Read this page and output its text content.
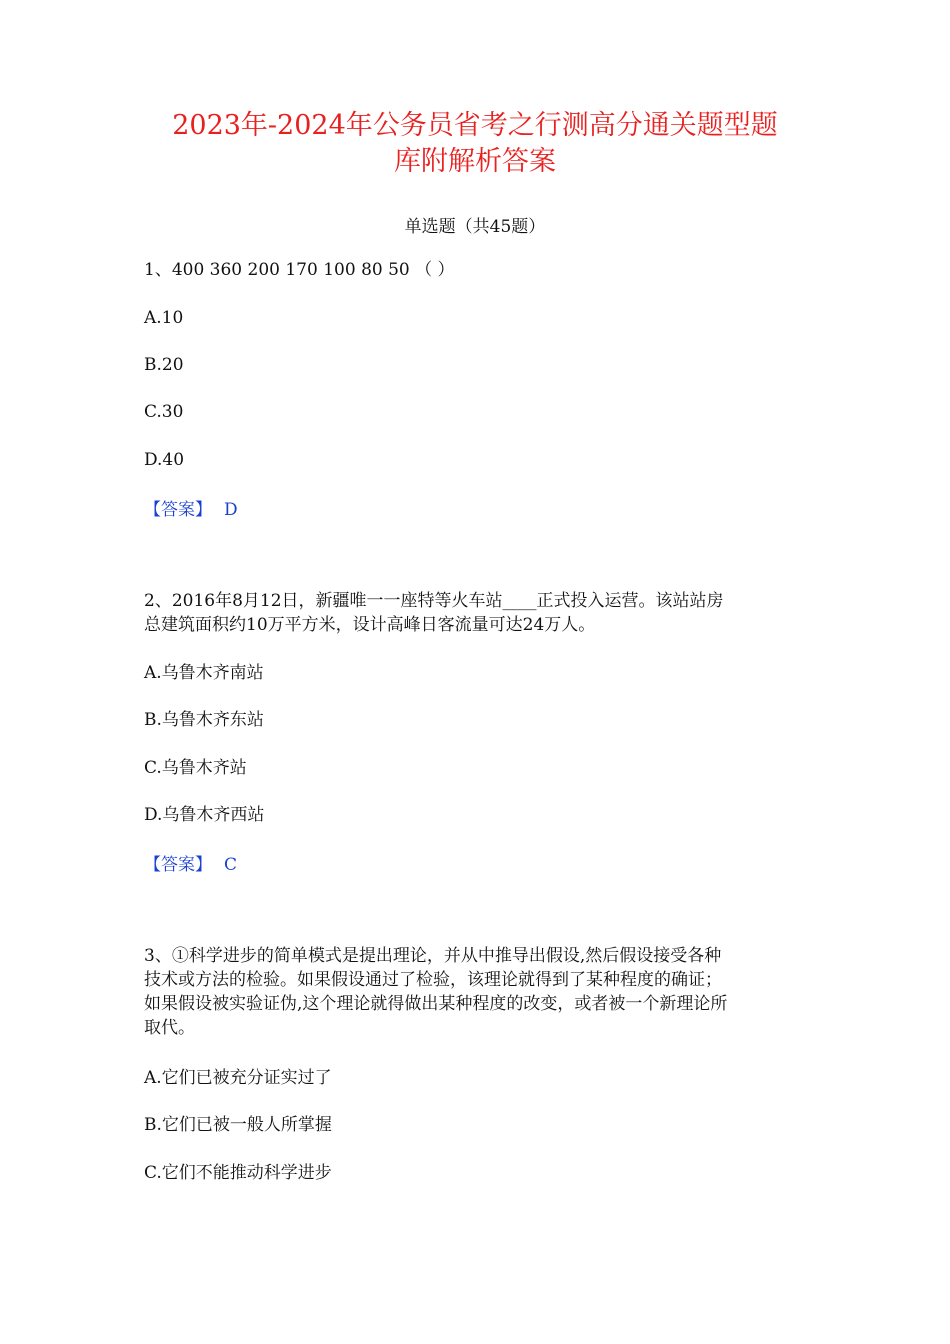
2023年-2024年公务员省考之行测高分通关题型题
库附解析答案
单选题（共45题）
1、400 360 200 170 100 80 50 （ ）
A.10
B.20
C.30
D.40
【答案】 D
2、2016年8月12日，新疆唯一一座特等火车站____正式投入运营。该站站房
总建筑面积约10万平方米，设计高峰日客流量可达24万人。
A.乌鲁木齐南站
B.乌鲁木齐东站
C.乌鲁木齐站
D.乌鲁木齐西站
【答案】 C
3、①科学进步的简单模式是提出理论，并从中推导出假设,然后假设接受各种
技术或方法的检验。如果假设通过了检验，该理论就得到了某种程度的确证；
如果假设被实验证伪,这个理论就得做出某种程度的改变，或者被一个新理论所
取代。
A.它们已被充分证实过了
B.它们已被一般人所掌握
C.它们不能推动科学进步
